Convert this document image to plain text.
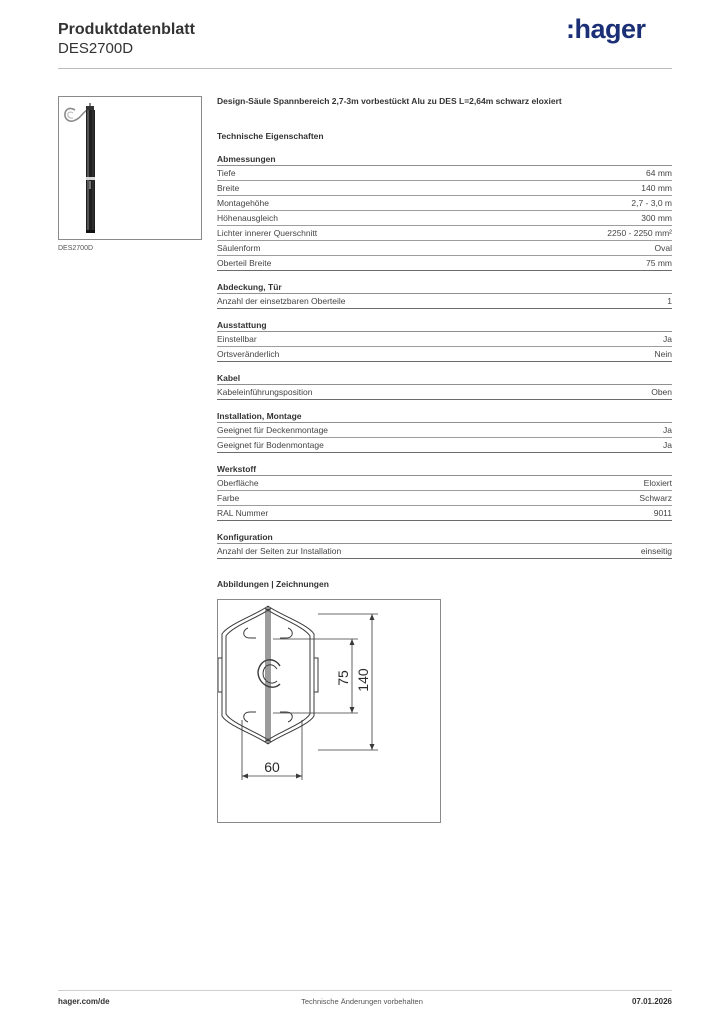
Produktdatenblatt
DES2700D
:hager
DES2700D
Design-Säule Spannbereich 2,7-3m vorbestückt Alu zu DES L=2,64m schwarz eloxiert
Technische Eigenschaften
Abmessungen
Tiefe	64 mm
Breite	140 mm
Montagehöhe	2,7 - 3,0 m
Höhenausgleich	300 mm
Lichter innerer Querschnitt	2250 - 2250 mm²
Säulenform	Oval
Oberteil Breite	75 mm
Abdeckung, Tür
Anzahl der einsetzbaren Oberteile	1
Ausstattung
Einstellbar	Ja
Ortsveränderlich	Nein
Kabel
Kabeleinführungsposition	Oben
Installation, Montage
Geeignet für Deckenmontage	Ja
Geeignet für Bodenmontage	Ja
Werkstoff
Oberfläche	Eloxiert
Farbe	Schwarz
RAL Nummer	9011
Konfiguration
Anzahl der Seiten zur Installation	einseitig
Abbildungen | Zeichnungen
75 140
60
hager.com/de	Technische Änderungen vorbehalten	07.01.2026
